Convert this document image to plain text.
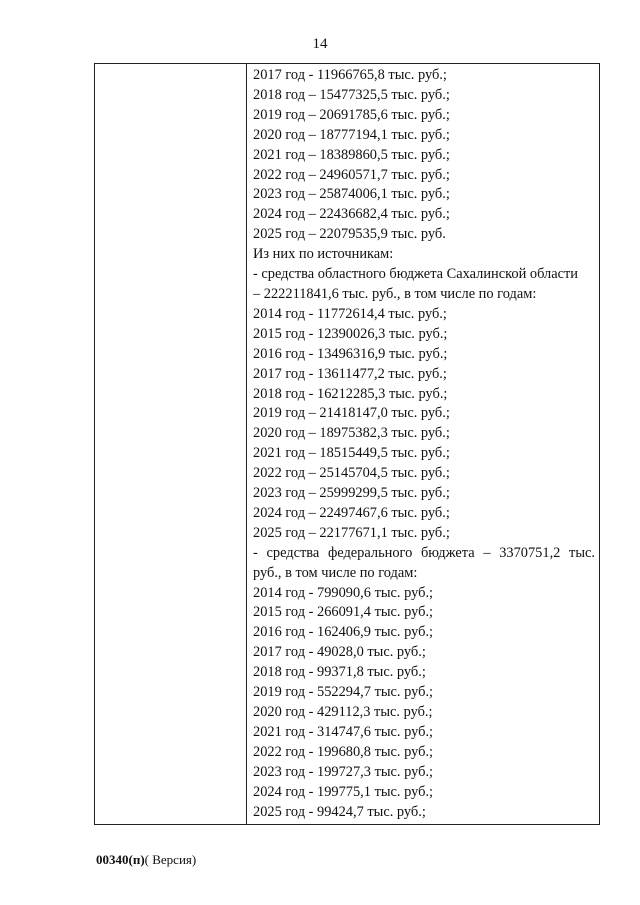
14
2017 год - 11966765,8 тыс. руб.;
2018 год – 15477325,5 тыс. руб.;
2019 год – 20691785,6 тыс. руб.;
2020 год – 18777194,1 тыс. руб.;
2021 год – 18389860,5 тыс. руб.;
2022 год – 24960571,7 тыс. руб.;
2023 год – 25874006,1 тыс. руб.;
2024 год – 22436682,4 тыс. руб.;
2025 год – 22079535,9 тыс. руб.
Из них по источникам:
- средства областного бюджета Сахалинской области
– 222211841,6 тыс. руб., в том числе по годам:
2014 год - 11772614,4 тыс. руб.;
2015 год - 12390026,3 тыс. руб.;
2016 год - 13496316,9 тыс. руб.;
2017 год - 13611477,2 тыс. руб.;
2018 год - 16212285,3 тыс. руб.;
2019 год – 21418147,0 тыс. руб.;
2020 год – 18975382,3 тыс. руб.;
2021 год – 18515449,5 тыс. руб.;
2022 год – 25145704,5 тыс. руб.;
2023 год – 25999299,5 тыс. руб.;
2024 год – 22497467,6 тыс. руб.;
2025 год – 22177671,1 тыс. руб.;
- средства федерального бюджета – 3370751,2 тыс.
руб., в том числе по годам:
2014 год - 799090,6 тыс. руб.;
2015 год - 266091,4 тыс. руб.;
2016 год - 162406,9 тыс. руб.;
2017 год - 49028,0 тыс. руб.;
2018 год - 99371,8 тыс. руб.;
2019 год - 552294,7 тыс. руб.;
2020 год - 429112,3 тыс. руб.;
2021 год - 314747,6 тыс. руб.;
2022 год - 199680,8 тыс. руб.;
2023 год - 199727,3 тыс. руб.;
2024 год - 199775,1 тыс. руб.;
2025 год - 99424,7 тыс. руб.;
00340(п)( Версия)
